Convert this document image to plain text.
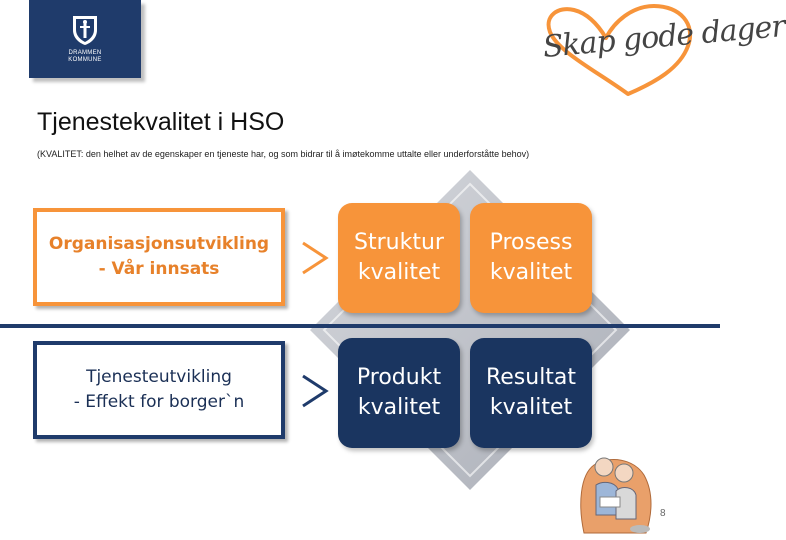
DRAMMEN
KOMMUNE	Skap gode dager
Tjenestekvalitet i HSO
(KVALITET: den helhet av de egenskaper en tjeneste har, og som bidrar til å imøtekomme uttalte eller underforståtte behov)
Organisasjonsutvikling
- Vår innsats
Tjenesteutvikling
- Effekt for borger`n
Struktur
kvalitet
Prosess
kvalitet
Produkt
kvalitet
Resultat
kvalitet
8
